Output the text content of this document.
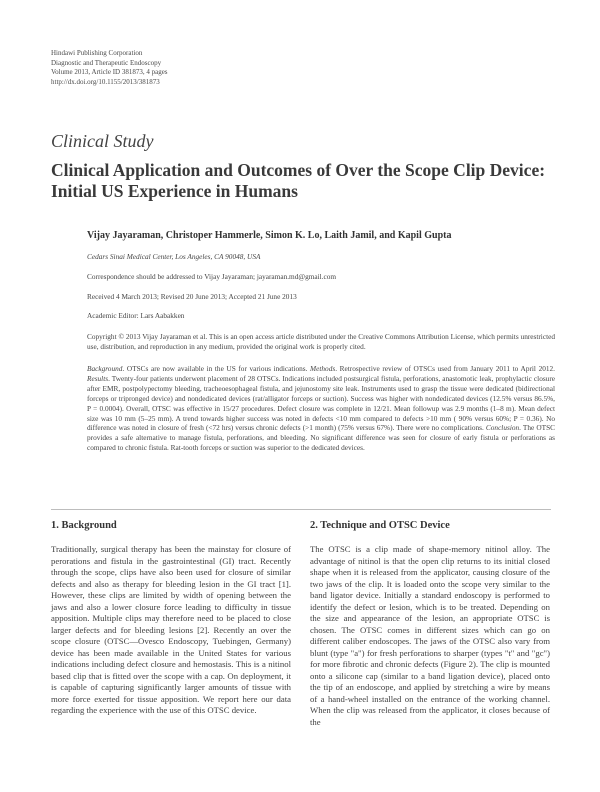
Hindawi Publishing Corporation
Diagnostic and Therapeutic Endoscopy
Volume 2013, Article ID 381873, 4 pages
http://dx.doi.org/10.1155/2013/381873
Clinical Study
Clinical Application and Outcomes of Over the Scope Clip Device: Initial US Experience in Humans
Vijay Jayaraman, Christoper Hammerle, Simon K. Lo, Laith Jamil, and Kapil Gupta
Cedars Sinai Medical Center, Los Angeles, CA 90048, USA
Correspondence should be addressed to Vijay Jayaraman; jayaraman.md@gmail.com
Received 4 March 2013; Revised 20 June 2013; Accepted 21 June 2013
Academic Editor: Lars Aabakken
Copyright © 2013 Vijay Jayaraman et al. This is an open access article distributed under the Creative Commons Attribution License, which permits unrestricted use, distribution, and reproduction in any medium, provided the original work is properly cited.
Background. OTSCs are now available in the US for various indications. Methods. Retrospective review of OTSCs used from January 2011 to April 2012. Results. Twenty-four patients underwent placement of 28 OTSCs. Indications included postsurgical fistula, perforations, anastomotic leak, prophylactic closure after EMR, postpolypectomy bleeding, tracheoesophageal fistula, and jejunostomy site leak. Instruments used to grasp the tissue were dedicated (bidirectional forceps or tripronged device) and nondedicated devices (rat/alligator forceps or suction). Success was higher with nondedicated devices (12.5% versus 86.5%, P = 0.0004). Overall, OTSC was effective in 15/27 procedures. Defect closure was complete in 12/21. Mean followup was 2.9 months (1–8 m). Mean defect size was 10 mm (5–25 mm). A trend towards higher success was noted in defects <10 mm compared to defects >10 mm ( 90% versus 60%; P = 0.36). No difference was noted in closure of fresh (<72 hrs) versus chronic defects (>1 month) (75% versus 67%). There were no complications. Conclusion. The OTSC provides a safe alternative to manage fistula, perforations, and bleeding. No significant difference was seen for closure of early fistula or perforations as compared to chronic fistula. Rat-tooth forceps or suction was superior to the dedicated devices.
1. Background

Traditionally, surgical therapy has been the mainstay for closure of perorations and fistula in the gastrointestinal (GI) tract. Recently through the scope, clips have also been used for closure of similar defects and also as therapy for bleeding lesion in the GI tract [1]. However, these clips are limited by width of opening between the jaws and also a lower closure force leading to difficulty in tissue apposition. Multiple clips may therefore need to be placed to close larger defects and for bleeding lesions [2]. Recently an over the scope closure (OTSC—Ovesco Endoscopy, Tuebingen, Germany) device has been made available in the United States for various indications including defect closure and hemostasis. This is a nitinol based clip that is fitted over the scope with a cap. On deployment, it is capable of capturing significantly larger amounts of tissue with more force exerted for tissue apposition. We report here our data regarding the experience with the use of this OTSC device.

2. Technique and OTSC Device

The OTSC is a clip made of shape-memory nitinol alloy. The advantage of nitinol is that the open clip returns to its initial closed shape when it is released from the applicator, causing closure of the two jaws of the clip. It is loaded onto the scope very similar to the band ligator device. Initially a standard endoscopy is performed to identify the defect or lesion, which is to be treated. Depending on the size and appearance of the lesion, an appropriate OTSC is chosen. The OTSC comes in different sizes which can go on different caliber endoscopes. The jaws of the OTSC also vary from blunt (type "a") for fresh perforations to sharper (types "t" and "gc") for more fibrotic and chronic defects (Figure 2). The clip is mounted onto a silicone cap (similar to a band ligation device), placed onto the tip of an endoscope, and applied by stretching a wire by means of a hand-wheel installed on the entrance of the working channel. When the clip was released from the applicator, it closes because of the
